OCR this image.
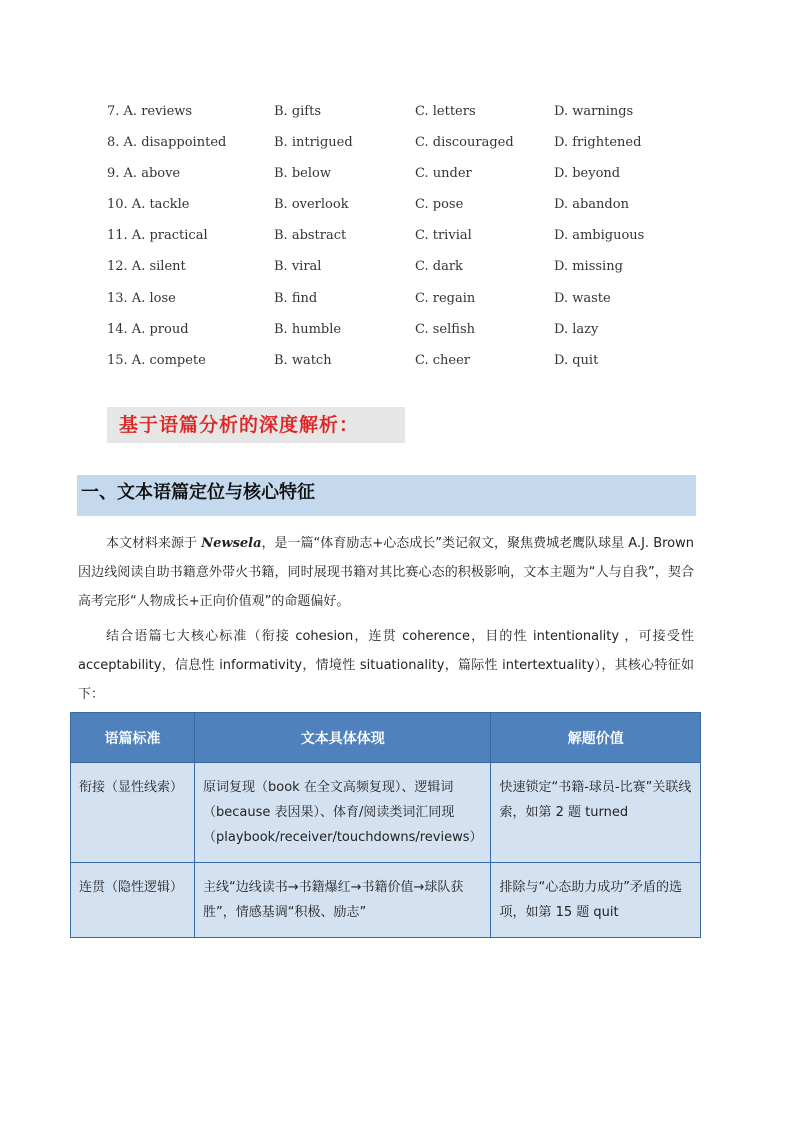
7. A. reviews	B. gifts	C. letters	D. warnings
8. A. disappointed	B. intrigued	C. discouraged	D. frightened
9. A. above	B. below	C. under	D. beyond
10. A. tackle	B. overlook	C. pose	D. abandon
11. A. practical	B. abstract	C. trivial	D. ambiguous
12. A. silent	B. viral	C. dark	D. missing
13. A. lose	B. find	C. regain	D. waste
14. A. proud	B. humble	C. selfish	D. lazy
15. A. compete	B. watch	C. cheer	D. quit
基于语篇分析的深度解析：
一、文本语篇定位与核心特征
本文材料来源于 Newsela，是一篇“体育励志+心态成长”类记叙文，聚焦费城老鹰队球星 A.J. Brown 因边线阅读自助书籍意外带火书籍，同时展现书籍对其比赛心态的积极影响，文本主题为“人与自我”，契合高考完形“人物成长+正向价值观”的命题偏好。
结合语篇七大核心标准（衔接 cohesion，连贯 coherence，目的性 intentionality ，可接受性 acceptability，信息性 informativity，情境性 situationality，篇际性 intertextuality），其核心特征如下：
语篇标准	文本具体体现	解题价值
衔接（显性线索）	原词复现（book 在全文高频复现）、逻辑词（because 表因果）、体育/阅读类词汇同现（playbook/receiver/touchdowns/reviews）	快速锁定“书籍-球员-比赛”关联线索，如第 2 题 turned
连贯（隐性逻辑）	主线“边线读书→书籍爆红→书籍价值→球队获胜”，情感基调“积极、励志”	排除与“心态助力成功”矛盾的选项，如第 15 题 quit
